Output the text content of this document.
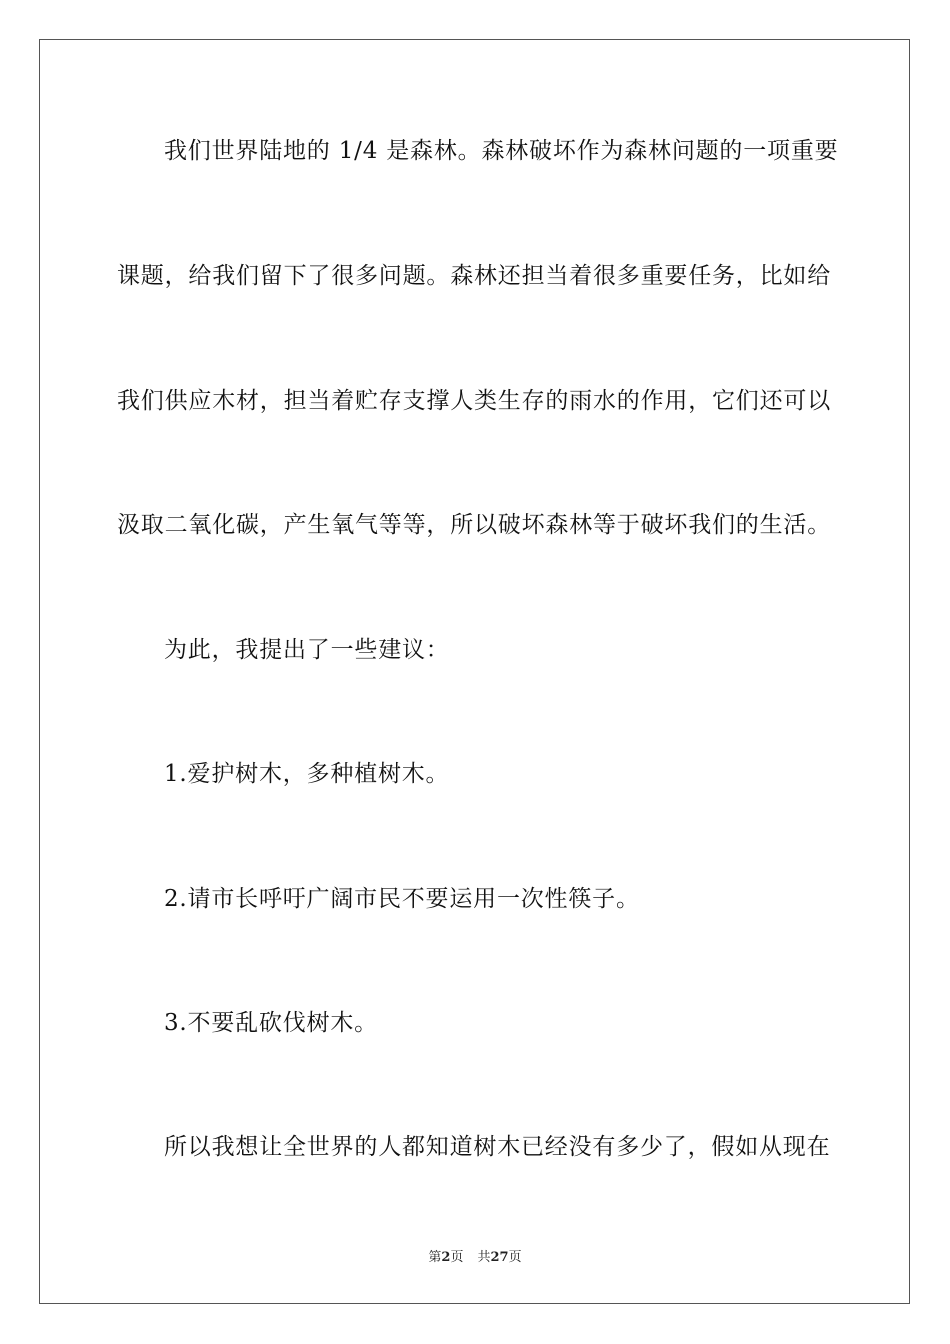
我们世界陆地的 1/4 是森林。森林破坏作为森林问题的一项重要
课题，给我们留下了很多问题。森林还担当着很多重要任务，比如给
我们供应木材，担当着贮存支撑人类生存的雨水的作用，它们还可以
汲取二氧化碳，产生氧气等等，所以破坏森林等于破坏我们的生活。
为此，我提出了一些建议：
1.爱护树木，多种植树木。
2.请市长呼吁广阔市民不要运用一次性筷子。
3.不要乱砍伐树木。
所以我想让全世界的人都知道树木已经没有多少了，假如从现在
第2页 共27页
